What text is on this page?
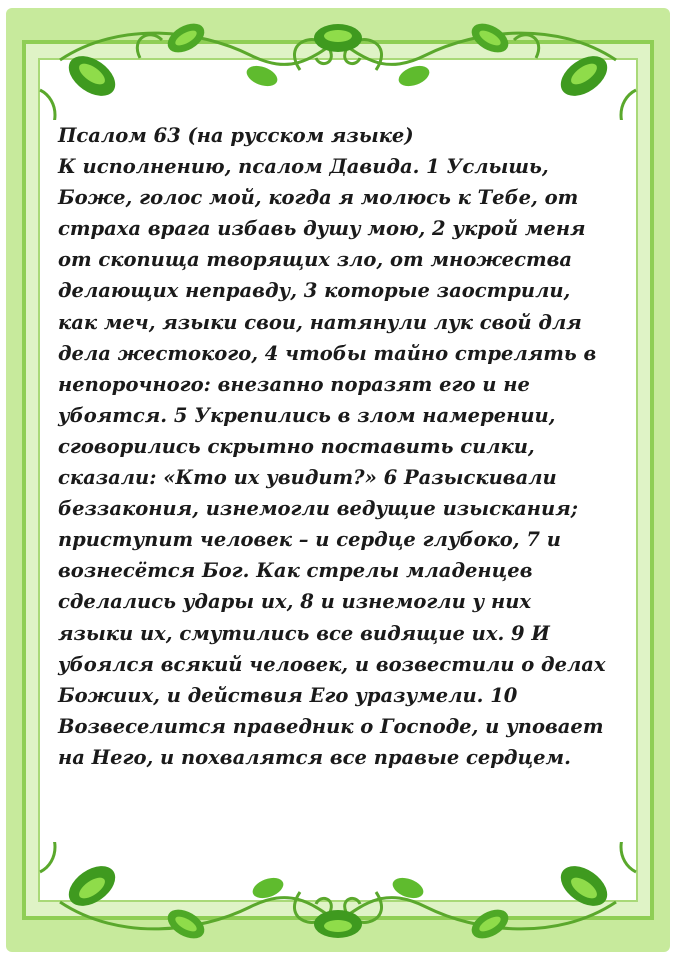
Псалом 63 (на русском языке)
К исполнению, псалом Давида. 1 Услышь,
Боже, голос мой, когда я молюсь к Тебе, от
страха врага избавь душу мою, 2 укрой меня
от скопища творящих зло, от множества
делающих неправду, 3 которые заострили,
как меч, языки свои, натянули лук свой для
дела жестокого, 4 чтобы тайно стрелять в
непорочного: внезапно поразят его и не
убоятся. 5 Укрепились в злом намерении,
сговорились скрытно поставить силки,
сказали: «Кто их увидит?» 6 Разыскивали
беззакония, изнемогли ведущие изыскания;
приступит человек – и сердце глубоко, 7 и
вознесётся Бог. Как стрелы младенцев
сделались удары их, 8 и изнемогли у них
языки их, смутились все видящие их. 9 И
убоялся всякий человек, и возвестили о делах
Божиих, и действия Его уразумели. 10
Возвеселится праведник о Господе, и уповает
на Него, и похвалятся все правые сердцем.
